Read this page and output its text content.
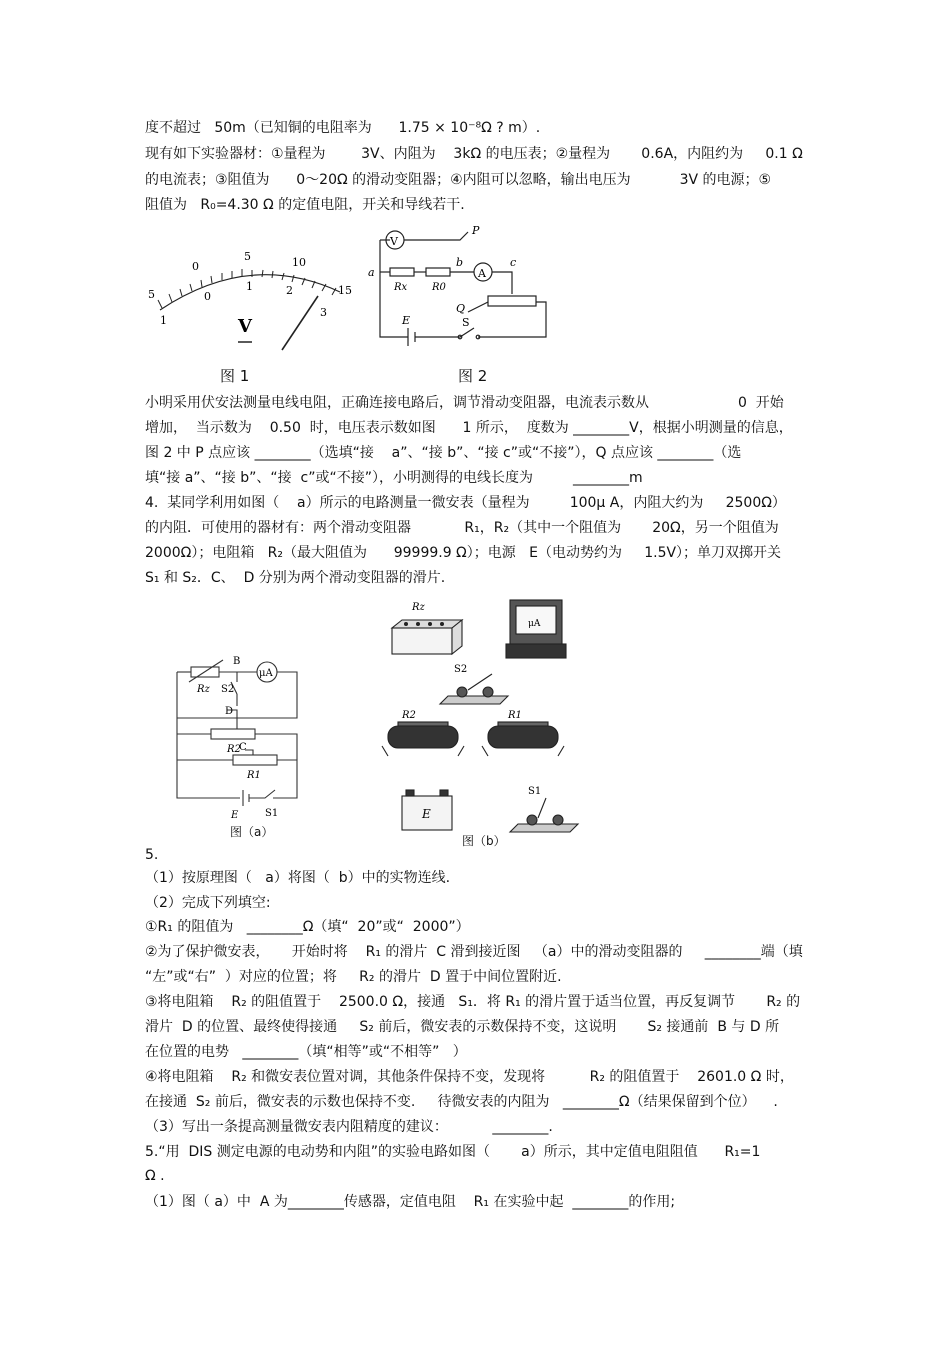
度不超过   50m（已知铜的电阻率为      1.75 × 10⁻⁸Ω ? m）.
现有如下实验器材：①量程为        3V、内阻为    3kΩ 的电压表；②量程为       0.6A，内阻约为     0.1 Ω
的电流表；③阻值为      0～20Ω 的滑动变阻器；④内阻可以忽略，输出电压为           3V 的电源；⑤
阻值为   R₀=4.30 Ω 的定值电阻，开关和导线若干.
5
0
5	10
15
1
0
1	2
3
V
图 1
V
P
a
b
A
c
Rx R0
Q
E	S
图 2
小明采用伏安法测量电线电阻，正确连接电路后，调节滑动变阻器，电流表示数从                    0  开始
增加，  当示数为    0.50  时，电压表示数如图      1 所示，  度数为 ________V，根据小明测量的信息，
图 2 中 P 点应该 ________（选填“接    a”、“接 b”、“接 c”或“不接”），Q 点应该 ________（选
填“接 a”、“接 b”、“接  c”或“不接”），小明测得的电线长度为         ________m
4.  某同学利用如图（    a）所示的电路测量一微安表（量程为         100μ A，内阻大约为     2500Ω）
的内阻．可使用的器材有：两个滑动变阻器            R₁，R₂（其中一个阻值为       20Ω，另一个阻值为
2000Ω）；电阻箱   R₂（最大阻值为      99999.9 Ω）；电源   E（电动势约为     1.5V）；单刀双掷开关
S₁ 和 S₂．C、  D 分别为两个滑动变阻器的滑片.
Rz S2
B
μA
D
R2
C
R1
E	S1
图（a）
Rz
μA
S2
R2	R1
E
S1
图（b）
5.
（1）按原理图（   a）将图（  b）中的实物连线.
（2）完成下列填空:
①R₁ 的阻值为   ________Ω（填“  20”或“  2000”）
②为了保护微安表，     开始时将    R₁ 的滑片  C 滑到接近图   （a）中的滑动变阻器的     ________端（填
“左”或“右”  ）对应的位置；将     R₂ 的滑片  D 置于中间位置附近.
③将电阻箱    R₂ 的阻值置于    2500.0 Ω，接通   S₁．将 R₁ 的滑片置于适当位置，再反复调节       R₂ 的
滑片  D 的位置、最终使得接通     S₂ 前后，微安表的示数保持不变，这说明       S₂ 接通前  B 与 D 所
在位置的电势   ________（填“相等”或“不相等”   ）
④将电阻箱    R₂ 和微安表位置对调，其他条件保持不变，发现将          R₂ 的阻值置于    2601.0 Ω 时，
在接通  S₂ 前后，微安表的示数也保持不变.     待微安表的内阻为   ________Ω（结果保留到个位）    .
（3）写出一条提高测量微安表内阻精度的建议：          ________.
5.“用  DIS 测定电源的电动势和内阻”的实验电路如图（       a）所示，其中定值电阻阻值      R₁=1
Ω .
（1）图（ a）中  A 为________传感器，定值电阻    R₁ 在实验中起  ________的作用;
